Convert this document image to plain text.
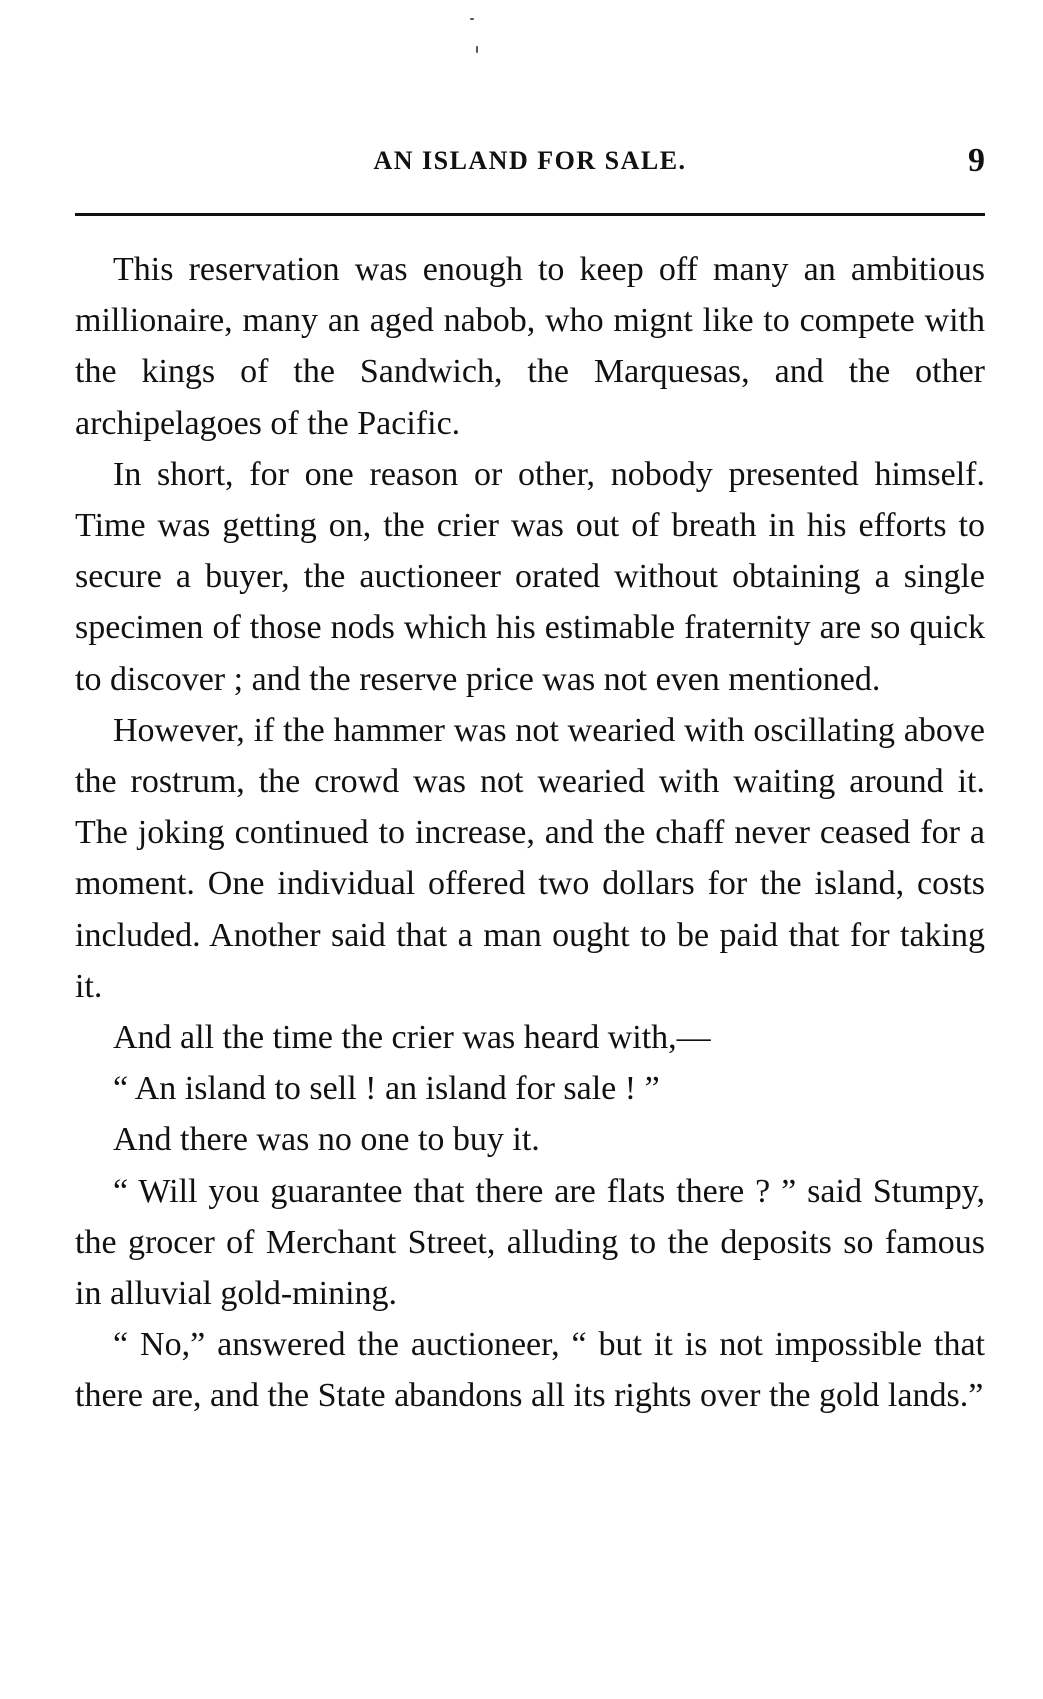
AN ISLAND FOR SALE.	9

This reservation was enough to keep off many an ambitious millionaire, many an aged nabob, who mignt like to compete with the kings of the Sandwich, the Marquesas, and the other archipelagoes of the Pacific.

In short, for one reason or other, nobody presented himself. Time was getting on, the crier was out of breath in his efforts to secure a buyer, the auctioneer orated without obtaining a single specimen of those nods which his estimable fraternity are so quick to discover ; and the reserve price was not even mentioned.

However, if the hammer was not wearied with oscillating above the rostrum, the crowd was not wearied with waiting around it. The joking continued to increase, and the chaff never ceased for a moment. One individual offered two dollars for the island, costs included. Another said that a man ought to be paid that for taking it.

And all the time the crier was heard with,—

“ An island to sell ! an island for sale ! ”

And there was no one to buy it.

“ Will you guarantee that there are flats there ? ” said Stumpy, the grocer of Merchant Street, alluding to the deposits so famous in alluvial gold-mining.

“ No,” answered the auctioneer, “ but it is not impossible that there are, and the State abandons all its rights over the gold lands.”
